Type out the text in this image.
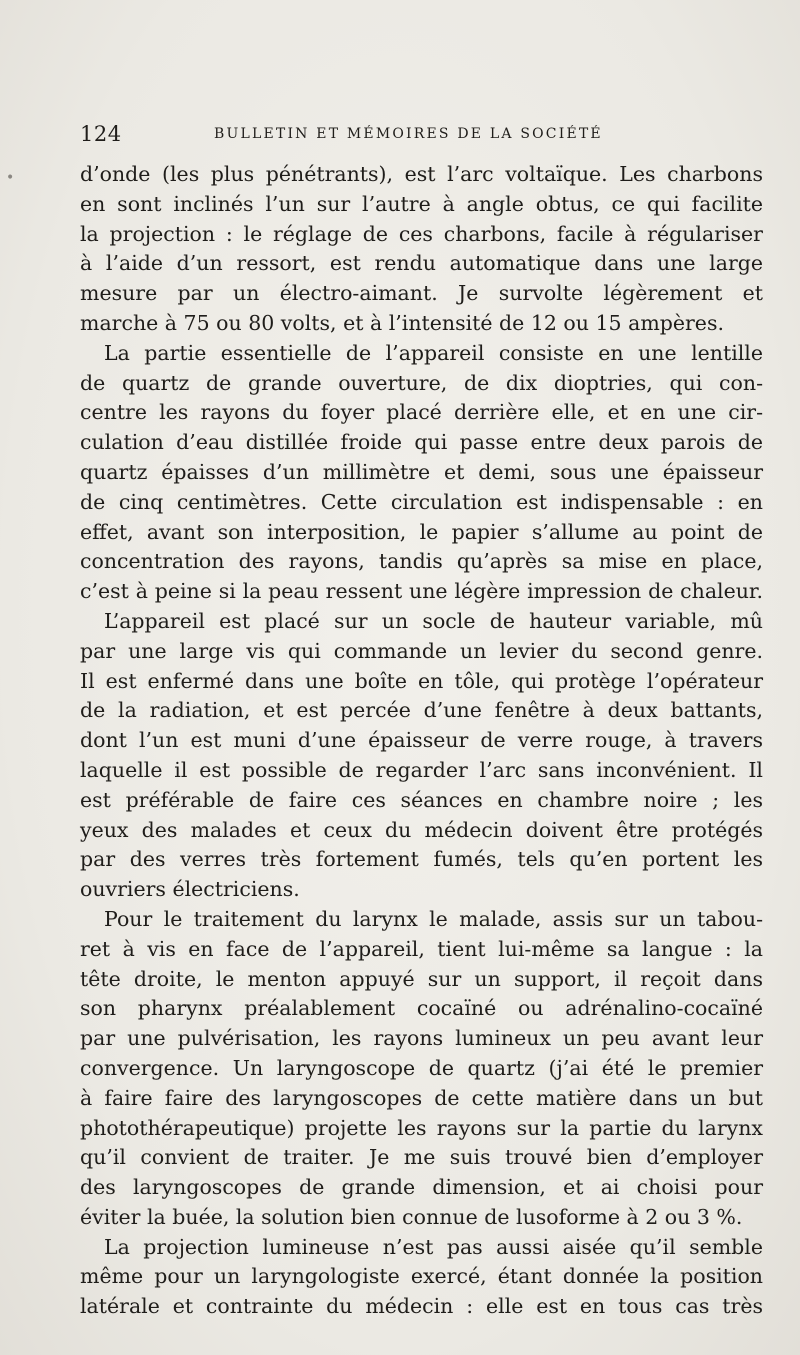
•
124	BULLETIN ET MÉMOIRES DE LA SOCIÉTÉ
d’onde (les plus pénétrants), est l’arc voltaïque. Les charbons
en sont inclinés l’un sur l’autre à angle obtus, ce qui facilite
la projection : le réglage de ces charbons, facile à régulariser
à l’aide d’un ressort, est rendu automatique dans une large
mesure par un électro-aimant. Je survolte légèrement et
marche à 75 ou 80 volts, et à l’intensité de 12 ou 15 ampères.
La partie essentielle de l’appareil consiste en une lentille
de quartz de grande ouverture, de dix dioptries, qui con-
centre les rayons du foyer placé derrière elle, et en une cir-
culation d’eau distillée froide qui passe entre deux parois de
quartz épaisses d’un millimètre et demi, sous une épaisseur
de cinq centimètres. Cette circulation est indispensable : en
effet, avant son interposition, le papier s’allume au point de
concentration des rayons, tandis qu’après sa mise en place,
c’est à peine si la peau ressent une légère impression de chaleur.
L’appareil est placé sur un socle de hauteur variable, mû
par une large vis qui commande un levier du second genre.
Il est enfermé dans une boîte en tôle, qui protège l’opérateur
de la radiation, et est percée d’une fenêtre à deux battants,
dont l’un est muni d’une épaisseur de verre rouge, à travers
laquelle il est possible de regarder l’arc sans inconvénient. Il
est préférable de faire ces séances en chambre noire ; les
yeux des malades et ceux du médecin doivent être protégés
par des verres très fortement fumés, tels qu’en portent les
ouvriers électriciens.
Pour le traitement du larynx le malade, assis sur un tabou-
ret à vis en face de l’appareil, tient lui-même sa langue : la
tête droite, le menton appuyé sur un support, il reçoit dans
son pharynx préalablement cocaïné ou adrénalino-cocaïné
par une pulvérisation, les rayons lumineux un peu avant leur
convergence. Un laryngoscope de quartz (j’ai été le premier
à faire faire des laryngoscopes de cette matière dans un but
photothérapeutique) projette les rayons sur la partie du larynx
qu’il convient de traiter. Je me suis trouvé bien d’employer
des laryngoscopes de grande dimension, et ai choisi pour
éviter la buée, la solution bien connue de lusoforme à 2 ou 3 %.
La projection lumineuse n’est pas aussi aisée qu’il semble
même pour un laryngologiste exercé, étant donnée la position
latérale et contrainte du médecin : elle est en tous cas très
